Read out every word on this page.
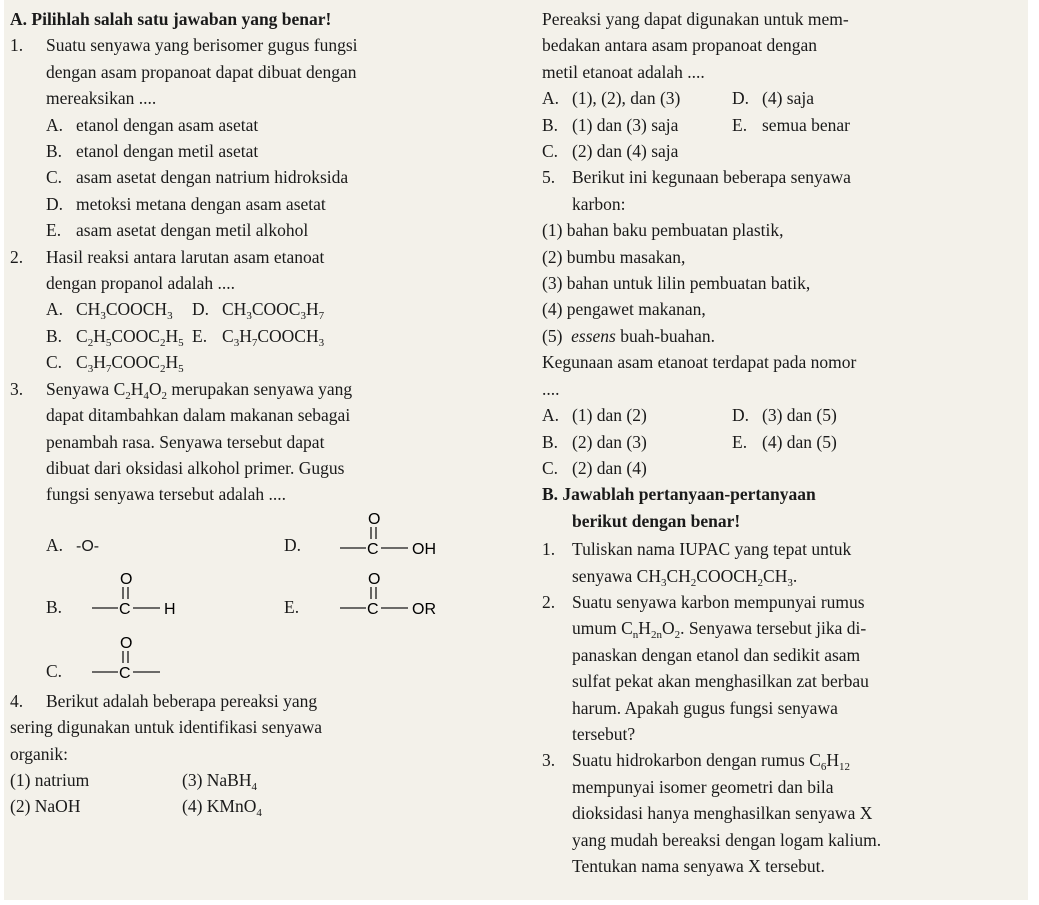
A. Pilihlah salah satu jawaban yang benar!
1. Suatu senyawa yang berisomer gugus fungsi
dengan asam propanoat dapat dibuat dengan
mereaksikan ....
A. etanol dengan asam asetat
B. etanol dengan metil asetat
C. asam asetat dengan natrium hidroksida
D. metoksi metana dengan asam asetat
E. asam asetat dengan metil alkohol
2. Hasil reaksi antara larutan asam etanoat
dengan propanol adalah ....
A. $CH_3COOCH_3$ D. $CH_3COOC_3H_7$
B. $C_2H_5COOC_2H_5$ E. $C_3H_7COOCH_3$
C. $C_3H_7COOC_2H_5$
3. Senyawa $C_2H_4O_2$ merupakan senyawa yang
dapat ditambahkan dalam makanan sebagai
penambah rasa. Senyawa tersebut dapat
dibuat dari oksidasi alkohol primer. Gugus
fungsi senyawa tersebut adalah ....
A. -O-	D.
O
C OH
B.
O
C H	E.
O
C OR
C.
O
C
4. Berikut adalah beberapa pereaksi yang
sering digunakan untuk identifikasi senyawa
organik:
(1) natrium	(3) NaBH$_4$
(2) NaOH	(4) KMnO$_4$
Pereaksi yang dapat digunakan untuk mem-
bedakan antara asam propanoat dengan
metil etanoat adalah ....
A. (1), (2), dan (3)	D. (4) saja
B. (1) dan (3) saja	E. semua benar
C. (2) dan (4) saja
5. Berikut ini kegunaan beberapa senyawa
karbon:
(1) bahan baku pembuatan plastik,
(2) bumbu masakan,
(3) bahan untuk lilin pembuatan batik,
(4) pengawet makanan,
(5) essens buah-buahan.
Kegunaan asam etanoat terdapat pada nomor
....
A. (1) dan (2)	D. (3) dan (5)
B. (2) dan (3)	E. (4) dan (5)
C. (2) dan (4)
B. Jawablah pertanyaan-pertanyaan
berikut dengan benar!
1. Tuliskan nama IUPAC yang tepat untuk
senyawa $CH_3CH_2COOCH_2CH_3$.
2. Suatu senyawa karbon mempunyai rumus
umum $C_nH_{2n}O_2$. Senyawa tersebut jika di-
panaskan dengan etanol dan sedikit asam
sulfat pekat akan menghasilkan zat berbau
harum. Apakah gugus fungsi senyawa
tersebut?
3. Suatu hidrokarbon dengan rumus $C_6H_{12}$
mempunyai isomer geometri dan bila
dioksidasi hanya menghasilkan senyawa X
yang mudah bereaksi dengan logam kalium.
Tentukan nama senyawa X tersebut.
